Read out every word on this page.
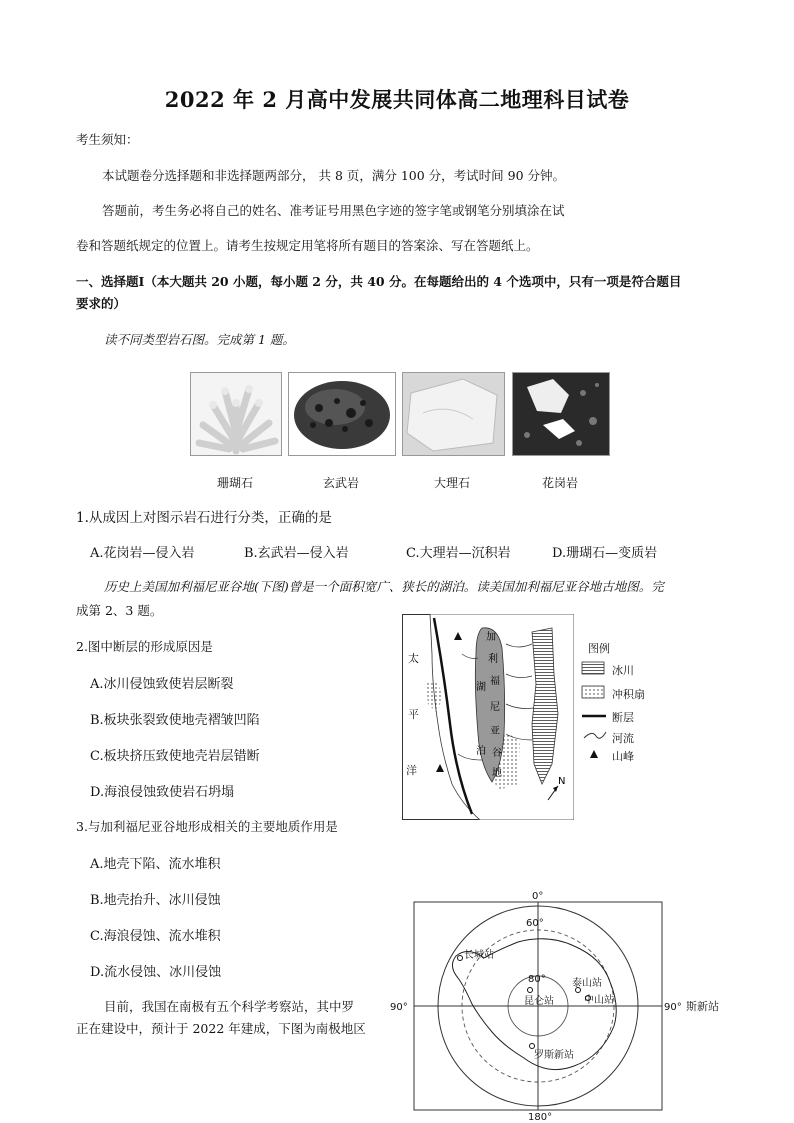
2022 年 2 月高中发展共同体高二地理科目试卷
考生须知：
本试题卷分选择题和非选择题两部分， 共 8 页，满分 100 分，考试时间 90 分钟。
答题前，考生务必将自己的姓名、准考证号用黑色字迹的签字笔或钢笔分别填涂在试
卷和答题纸规定的位置上。请考生按规定用笔将所有题目的答案涂、写在答题纸上。
一、选择题Ⅰ（本大题共 20 小题，每小题 2 分，共 40 分。在每题给出的 4 个选项中，只有一项是符合题目
要求的）
读不同类型岩石图。完成第 1 题。
珊瑚石	玄武岩	大理石	花岗岩
1.从成因上对图示岩石进行分类，正确的是
A.花岗岩—侵入岩	B.玄武岩—侵入岩	C.大理岩—沉积岩	D.珊瑚石—变质岩
历史上美国加利福尼亚谷地(下图)曾是一个面积宽广、狭长的湖泊。读美国加利福尼亚谷地古地图。完
成第 2、3 题。
2.图中断层的形成原因是
A.冰川侵蚀致使岩层断裂
B.板块张裂致使地壳褶皱凹陷
C.板块挤压致使地壳岩层错断
D.海浪侵蚀致使岩石坍塌
3.与加利福尼亚谷地形成相关的主要地质作用是
A.地壳下陷、流水堆积
B.地壳抬升、冰川侵蚀
C.海浪侵蚀、流水堆积
D.流水侵蚀、冰川侵蚀
目前，我国在南极有五个科学考察站，其中罗
正在建设中，预计于 2022 年建成，下图为南极地区
太
平
洋
加
利
湖
福
尼
亚
泊 谷
地
N
图例
冰川
冲积扇
断层
河流
山峰
0°
180°
90°	90°
60°
80°
长城站
泰山站
昆仑站	中山站
罗斯新站
斯新站
